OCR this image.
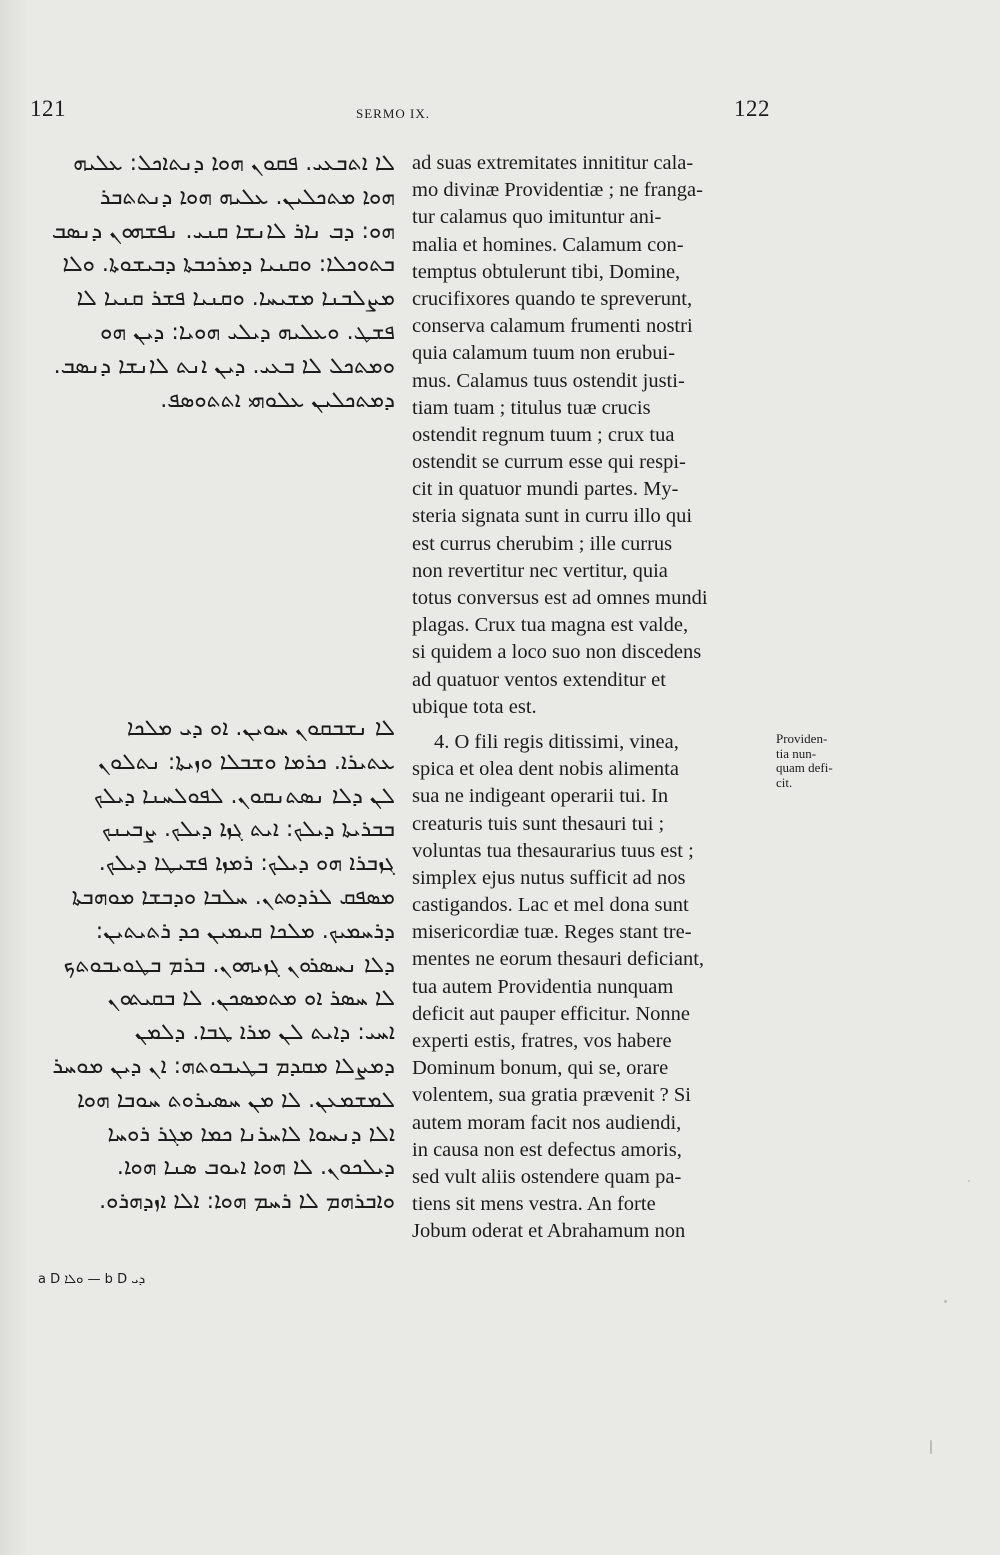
121	SERMO IX.	122
ܠܐ ܐܬܒܥܝ. ܦܩܘܢ ܗܘܐ ܕܢܬܐܟܠ: ܥܠܝܗ
ܗܘܐ ܡܬܟܠܝܢ. ܥܠܝܗ ܗܘܐ ܕܢܬܬܒܪ
ܗܘ: ܕܒ ܢܐܪ ܠܐܢܫܐ ܩܢܝ. ܢܦܫܗܘܢ ܕܢܣܒ
ܒܬܘܟܠܐ: ܘܩܢܝܐ ܕܡܪܟܒܬܐ ܕܒܝܫܘܬܐ. ܘܠܐ
ܡܨܠܒܢܐ ܡܫܝܚܐ. ܘܩܢܝܐ ܦܫܪ ܩܢܝܐ ܠܐ
ܦܫܛ. ܘܥܠܝܗ ܕܝܠܝ ܗܘܝܐ: ܕܝܢ ܗܘ
ܘܡܬܟܠ ܠܐ ܒܥܝ. ܕܝܢ ܐܢܬ ܠܐܢܫܐ ܕܢܣܒ.
ܕܡܬܟܠܝܢ ܥܠܘܗܝ ܐܬܬܘܣܦ.
ܠܐ ܢܫܒܩܘܢ ܚܘܝܢ. ܐܘ ܕܝ ܡܠܟܐ
ܥܬܝܪܐ. ܟܪܡܐ ܘܫܒܠܐ ܘܙܝܬܐ: ܢܬܠܘܢ
ܠܢ ܕܠܐ ܢܣܬܢܩܘܢ. ܠܦܘܠܚܢܐ ܕܝܠܟ
ܒܒܪܝܬܐ ܕܝܠܟ: ܐܝܬ ܓܙܐ ܕܝܠܟ. ܨܒܝܢܟ
ܓܙܒܪܐ ܗܘ ܕܝܠܟ: ܪܡܙܐ ܦܫܝܛܐ ܕܝܠܟ.
ܡܣܦܩ ܠܪܕܘܬܢ. ܚܠܒܐ ܘܕܒܫܐ ܡܘܗܒܬܐ
ܕܪܚܡܝܟ. ܡܠܟܐ ܩܝܡܝܢ ܟܕ ܪܬܝܬܝܢ:
ܕܠܐ ܢܚܣܪܘܢ ܓܙܝܗܘܢ. ܒܪܡ ܒܛܘܝܒܘܬܟ
ܠܐ ܚܣܪ ܐܘ ܡܬܡܣܟܢ. ܠܐ ܒܩܝܬܘܢ
ܐܚܝ: ܕܐܝܬ ܠܢ ܡܪܐ ܛܒܐ. ܕܠܡܢ
ܕܡܨܠܐ ܡܩܕܡ ܒܛܝܒܘܬܗ: ܐܢ ܕܝܢ ܡܘܚܪ
ܠܡܫܡܥܢ. ܠܐ ܡܢ ܚܣܝܪܘܬ ܚܘܒܐ ܗܘܐ
ܐܠܐ ܕܢܚܘܐ ܠܐܚܪܢܐ ܟܡܐ ܡܓܪ ܪܘܚܐ
ܕܝܠܟܘܢ. ܠܐ ܗܘܐ ܐܝܘܒ ܣܢܐ ܗܘܐ.
ܘܐܒܪܗܡ ܠܐ ܪܚܡ ܗܘܐ: ܐܠܐ ܐܙܕܗܪܘ.
a D ܘܠܐ — b D ܕܝ
ad suas extremitates innititur cala-
mo divinæ Providentiæ ; ne franga-
tur calamus quo imituntur ani-
malia et homines. Calamum con-
temptus obtulerunt tibi, Domine,
crucifixores quando te spreverunt,
conserva calamum frumenti nostri
quia calamum tuum non erubui-
mus. Calamus tuus ostendit justi-
tiam tuam ; titulus tuæ crucis
ostendit regnum tuum ; crux tua
ostendit se currum esse qui respi-
cit in quatuor mundi partes. My-
steria signata sunt in curru illo qui
est currus cherubim ; ille currus
non revertitur nec vertitur, quia
totus conversus est ad omnes mundi
plagas. Crux tua magna est valde,
si quidem a loco suo non discedens
ad quatuor ventos extenditur et
ubique tota est.
4. O fili regis ditissimi, vinea,
spica et olea dent nobis alimenta
sua ne indigeant operarii tui. In
creaturis tuis sunt thesauri tui ;
voluntas tua thesaurarius tuus est ;
simplex ejus nutus sufficit ad nos
castigandos. Lac et mel dona sunt
misericordiæ tuæ. Reges stant tre-
mentes ne eorum thesauri deficiant,
tua autem Providentia nunquam
deficit aut pauper efficitur. Nonne
experti estis, fratres, vos habere
Dominum bonum, qui se, orare
volentem, sua gratia prævenit ? Si
autem moram facit nos audiendi,
in causa non est defectus amoris,
sed vult aliis ostendere quam pa-
tiens sit mens vestra. An forte
Jobum oderat et Abrahamum non
Providen-
tia nun-
quam defi-
cit.
